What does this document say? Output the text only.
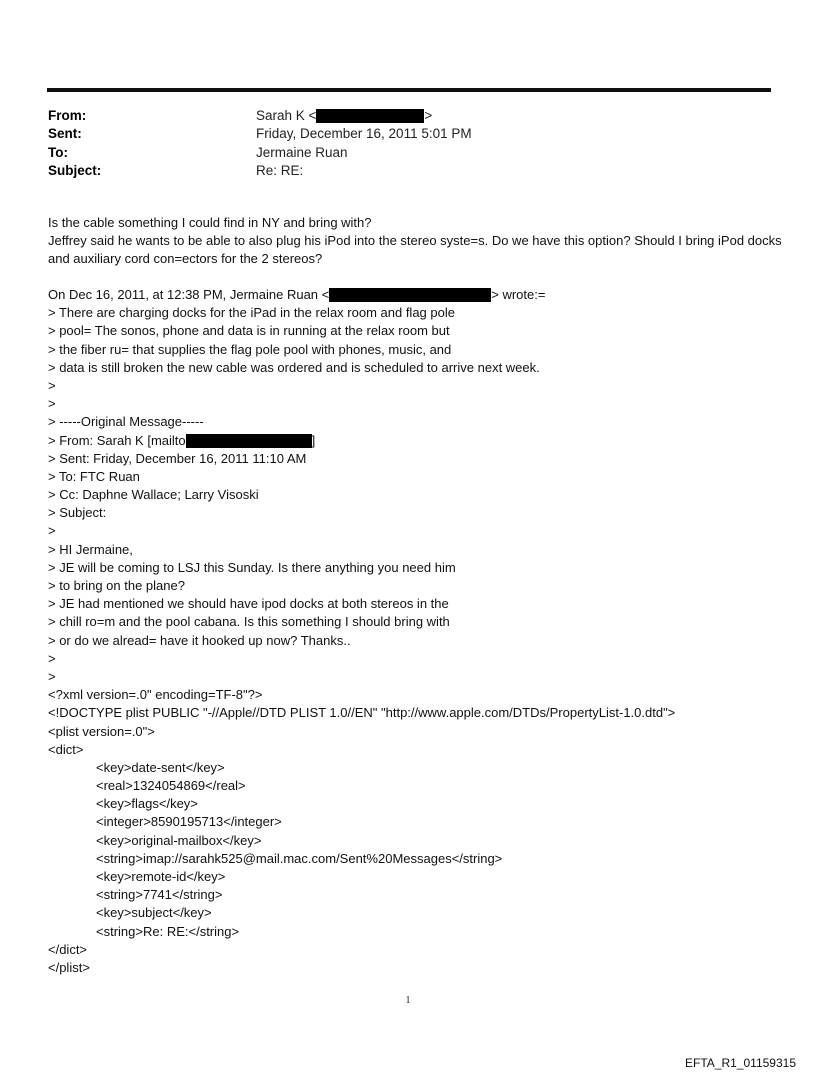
From:	Sarah K <	>
Sent:	Friday, December 16, 2011 5:01 PM
To:	Jermaine Ruan
Subject:	Re: RE:
Is the cable something I could find in NY and bring with?
Jeffrey said he wants to be able to also plug his iPod into the stereo syste=s. Do we have this option? Should I bring iPod docks and auxiliary cord con=ectors for the 2 stereos?
On Dec 16, 2011, at 12:38 PM, Jermaine Ruan <	> wrote:=
> There are charging docks for the iPad in the relax room and flag pole
> pool= The sonos, phone and data is in running at the relax room but
> the fiber ru= that supplies the flag pole pool with phones, music, and
> data is still broken the new cable was ordered and is scheduled to arrive next week.
>
>
> -----Original Message-----
> From: Sarah K [mailto	]
> Sent: Friday, December 16, 2011 11:10 AM
> To: FTC Ruan
> Cc: Daphne Wallace; Larry Visoski
> Subject:
>
> HI Jermaine,
> JE will be coming to LSJ this Sunday. Is there anything you need him
> to bring on the plane?
> JE had mentioned we should have ipod docks at both stereos in the
> chill ro=m and the pool cabana. Is this something I should bring with
> or do we alread= have it hooked up now? Thanks..
>
>
<?xml version=.0" encoding=TF-8"?>
<!DOCTYPE plist PUBLIC "-//Apple//DTD PLIST 1.0//EN" "http://www.apple.com/DTDs/PropertyList-1.0.dtd">
<plist version=.0">
<dict>
<key>date-sent</key>
<real>1324054869</real>
<key>flags</key>
<integer>8590195713</integer>
<key>original-mailbox</key>
<string>imap://sarahk525@mail.mac.com/Sent%20Messages</string>
<key>remote-id</key>
<string>7741</string>
<key>subject</key>
<string>Re: RE:</string>
</dict>
</plist>
1
EFTA_R1_01159315
